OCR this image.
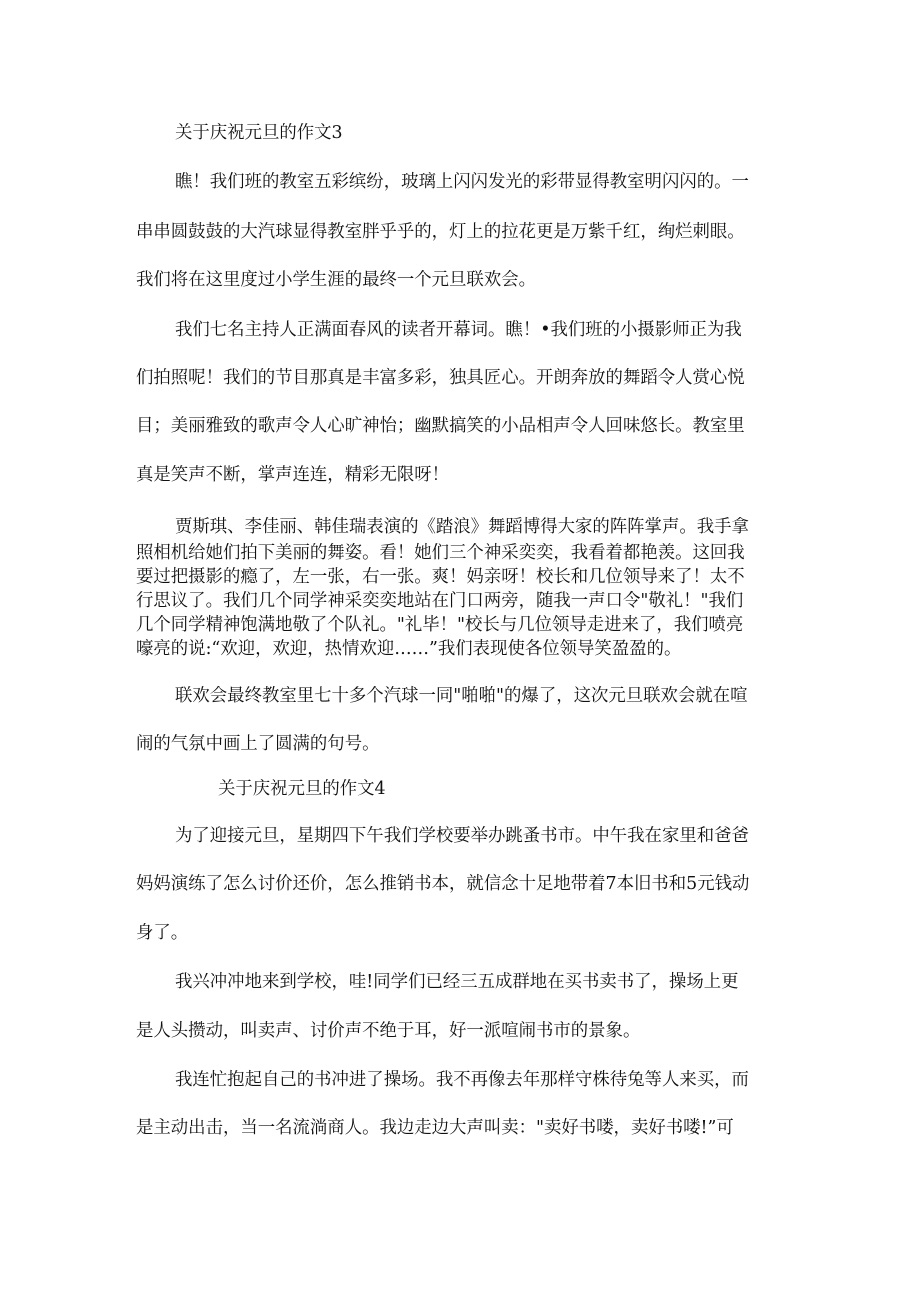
关于庆祝元旦的作文3

瞧！我们班的教室五彩缤纷，玻璃上闪闪发光的彩带显得教室明闪闪的。一

串串圆鼓鼓的大汽球显得教室胖乎乎的，灯上的拉花更是万紫千红，绚烂刺眼。

我们将在这里度过小学生涯的最终一个元旦联欢会。

我们七名主持人正满面春风的读者开幕词。瞧！•我们班的小摄影师正为我

们拍照呢！我们的节目那真是丰富多彩，独具匠心。开朗奔放的舞蹈令人赏心悦

目；美丽雅致的歌声令人心旷神怡；幽默搞笑的小品相声令人回味悠长。教室里

真是笑声不断，掌声连连，精彩无限呀！

贾斯琪、李佳丽、韩佳瑞表演的《踏浪》舞蹈博得大家的阵阵掌声。我手拿

照相机给她们拍下美丽的舞姿。看！她们三个神采奕奕，我看着都艳羡。这回我

要过把摄影的瘾了，左一张，右一张。爽！妈亲呀！校长和几位领导来了！太不

行思议了。我们几个同学神采奕奕地站在门口两旁，随我一声口令"敬礼！"我们

几个同学精神饱满地敬了个队礼。"礼毕！"校长与几位领导走进来了，我们喷亮

嚎亮的说:“欢迎，欢迎，热情欢迎……”我们表现使各位领导笑盈盈的。

联欢会最终教室里七十多个汽球一同"啪啪"的爆了，这次元旦联欢会就在喧

闹的气氛中画上了圆满的句号。

关于庆祝元旦的作文4

为了迎接元旦，星期四下午我们学校要举办跳蚤书市。中午我在家里和爸爸

妈妈演练了怎么讨价还价，怎么推销书本，就信念十足地带着7本旧书和5元钱动

身了。

我兴冲冲地来到学校，哇!同学们已经三五成群地在买书卖书了，操场上更

是人头攒动，叫卖声、讨价声不绝于耳，好一派喧闹书市的景象。

我连忙抱起自己的书冲进了操场。我不再像去年那样守株待兔等人来买，而

是主动出击，当一名流淌商人。我边走边大声叫卖："卖好书喽，卖好书喽!”可
